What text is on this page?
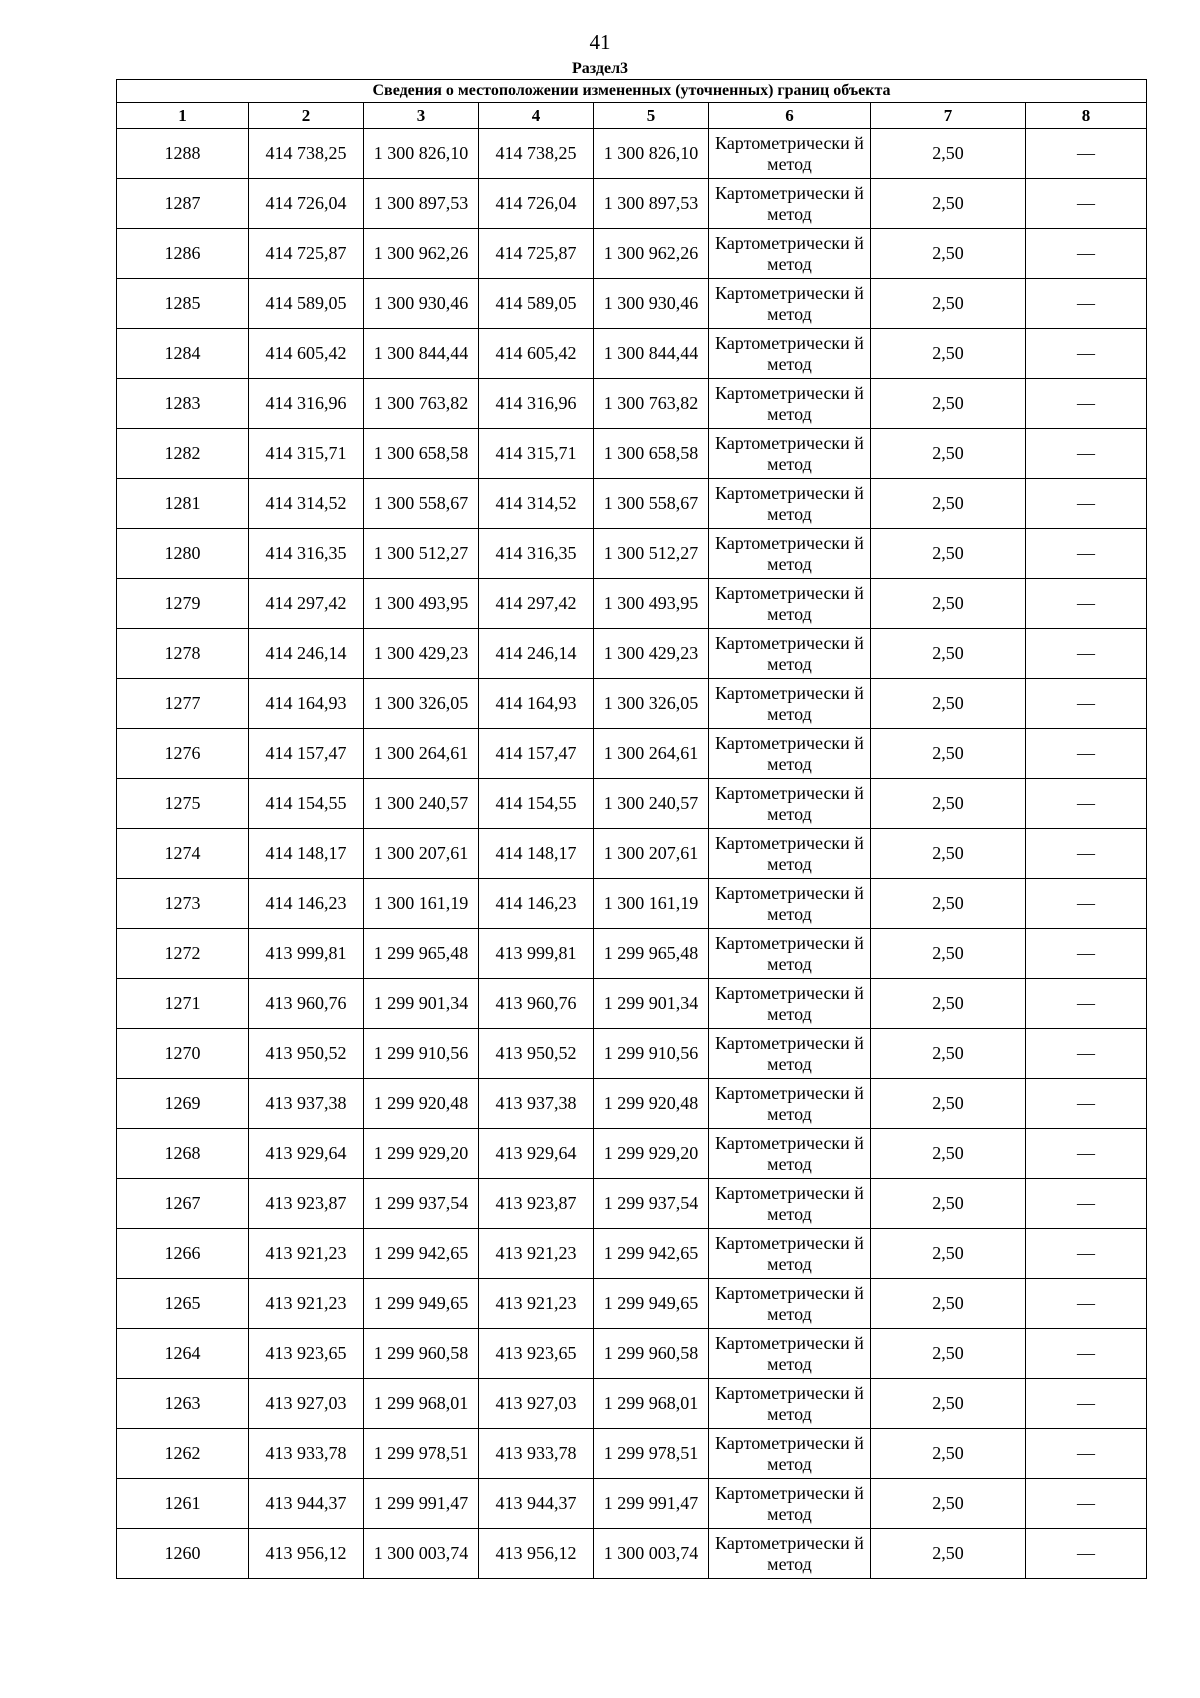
41
Раздел3
Сведения о местоположении измененных (уточненных) границ объекта							
1	2	3	4	5	6	7	8
1288	414 738,25	1 300 826,10	414 738,25	1 300 826,10	Картометрически й метод	2,50	—
1287	414 726,04	1 300 897,53	414 726,04	1 300 897,53	Картометрически й метод	2,50	—
1286	414 725,87	1 300 962,26	414 725,87	1 300 962,26	Картометрически й метод	2,50	—
1285	414 589,05	1 300 930,46	414 589,05	1 300 930,46	Картометрически й метод	2,50	—
1284	414 605,42	1 300 844,44	414 605,42	1 300 844,44	Картометрически й метод	2,50	—
1283	414 316,96	1 300 763,82	414 316,96	1 300 763,82	Картометрически й метод	2,50	—
1282	414 315,71	1 300 658,58	414 315,71	1 300 658,58	Картометрически й метод	2,50	—
1281	414 314,52	1 300 558,67	414 314,52	1 300 558,67	Картометрически й метод	2,50	—
1280	414 316,35	1 300 512,27	414 316,35	1 300 512,27	Картометрически й метод	2,50	—
1279	414 297,42	1 300 493,95	414 297,42	1 300 493,95	Картометрически й метод	2,50	—
1278	414 246,14	1 300 429,23	414 246,14	1 300 429,23	Картометрически й метод	2,50	—
1277	414 164,93	1 300 326,05	414 164,93	1 300 326,05	Картометрически й метод	2,50	—
1276	414 157,47	1 300 264,61	414 157,47	1 300 264,61	Картометрически й метод	2,50	—
1275	414 154,55	1 300 240,57	414 154,55	1 300 240,57	Картометрически й метод	2,50	—
1274	414 148,17	1 300 207,61	414 148,17	1 300 207,61	Картометрически й метод	2,50	—
1273	414 146,23	1 300 161,19	414 146,23	1 300 161,19	Картометрически й метод	2,50	—
1272	413 999,81	1 299 965,48	413 999,81	1 299 965,48	Картометрически й метод	2,50	—
1271	413 960,76	1 299 901,34	413 960,76	1 299 901,34	Картометрически й метод	2,50	—
1270	413 950,52	1 299 910,56	413 950,52	1 299 910,56	Картометрически й метод	2,50	—
1269	413 937,38	1 299 920,48	413 937,38	1 299 920,48	Картометрически й метод	2,50	—
1268	413 929,64	1 299 929,20	413 929,64	1 299 929,20	Картометрически й метод	2,50	—
1267	413 923,87	1 299 937,54	413 923,87	1 299 937,54	Картометрически й метод	2,50	—
1266	413 921,23	1 299 942,65	413 921,23	1 299 942,65	Картометрически й метод	2,50	—
1265	413 921,23	1 299 949,65	413 921,23	1 299 949,65	Картометрически й метод	2,50	—
1264	413 923,65	1 299 960,58	413 923,65	1 299 960,58	Картометрически й метод	2,50	—
1263	413 927,03	1 299 968,01	413 927,03	1 299 968,01	Картометрически й метод	2,50	—
1262	413 933,78	1 299 978,51	413 933,78	1 299 978,51	Картометрически й метод	2,50	—
1261	413 944,37	1 299 991,47	413 944,37	1 299 991,47	Картометрически й метод	2,50	—
1260	413 956,12	1 300 003,74	413 956,12	1 300 003,74	Картометрически й метод	2,50	—
